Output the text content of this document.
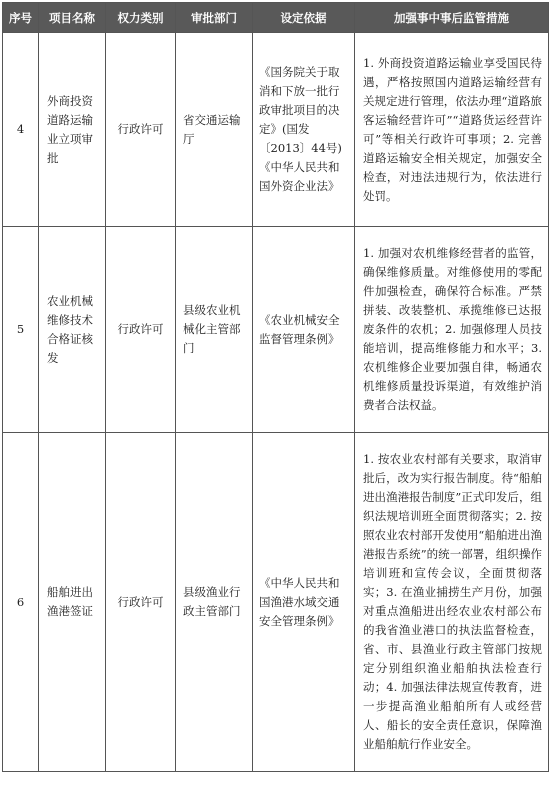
序号	项目名称	权力类别	审批部门	设定依据	加强事中事后监管措施
4	外商投资道路运输业立项审批	行政许可	省交通运输厅	《国务院关于取消和下放一批行政审批项目的决定》(国发〔2013〕44号)《中华人民共和国外资企业法》	1. 外商投资道路运输业享受国民待遇，严格按照国内道路运输经营有关规定进行管理，依法办理“道路旅客运输经营许可”“道路货运经营许可”等相关行政许可事项；2. 完善道路运输安全相关规定，加强安全检查，对违法违规行为，依法进行处罚。
5	农业机械维修技术合格证核发	行政许可	县级农业机械化主管部门	《农业机械安全监督管理条例》	1. 加强对农机维修经营者的监管，确保维修质量。对维修使用的零配件加强检查，确保符合标准。严禁拼装、改装整机、承揽维修已达报废条件的农机；2. 加强修理人员技能培训，提高维修能力和水平；3. 农机维修企业要加强自律，畅通农机维修质量投诉渠道，有效维护消费者合法权益。
6	船舶进出渔港签证	行政许可	县级渔业行政主管部门	《中华人民共和国渔港水域交通安全管理条例》	1. 按农业农村部有关要求，取消审批后，改为实行报告制度。待“船舶进出渔港报告制度”正式印发后，组织法规培训班全面贯彻落实；2. 按照农业农村部开发使用“船舶进出渔港报告系统”的统一部署，组织操作培训班和宣传会议，全面贯彻落实；3. 在渔业捕捞生产月份，加强对重点渔船进出经农业农村部公布的我省渔业港口的执法监督检查，省、市、县渔业行政主管部门按规定分别组织渔业船舶执法检查行动；4. 加强法律法规宣传教育，进一步提高渔业船舶所有人或经营人、船长的安全责任意识，保障渔业船舶航行作业安全。
